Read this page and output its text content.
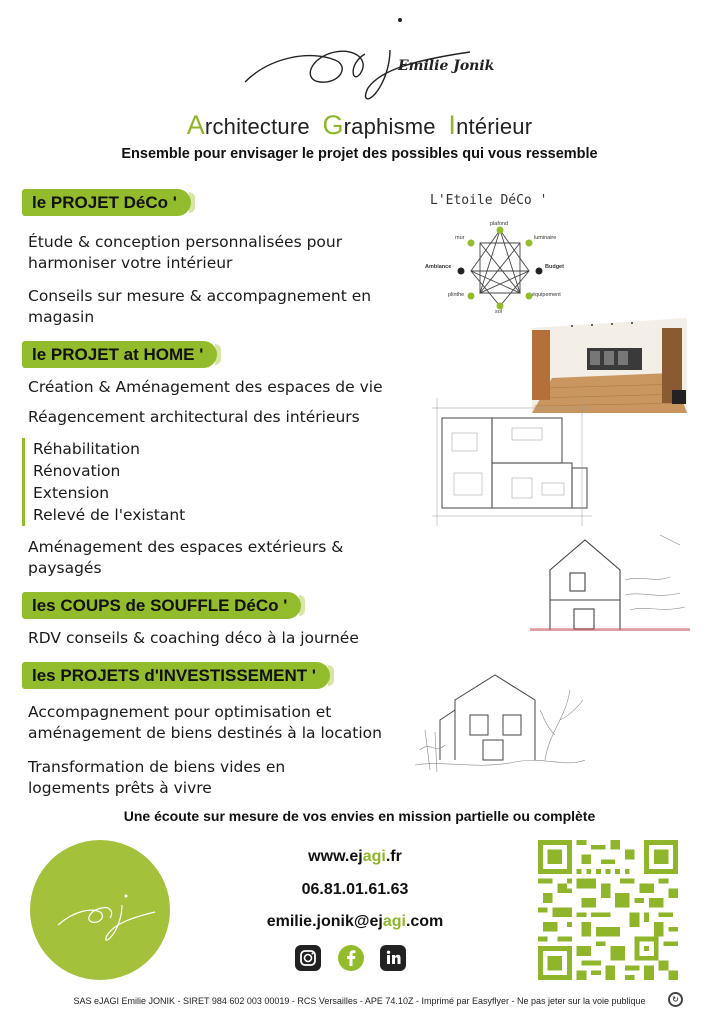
Emilie Jonik
Architecture Graphisme Intérieur
Ensemble pour envisager le projet des possibles qui vous ressemble
le PROJET DéCo '
Étude & conception personnalisées pour
harmoniser votre intérieur
Conseils sur mesure & accompagnement en
magasin
L'Etoile DéCo '
plafond
luminaire
Budget
équipement
sol
plinthe
Ambiance
mur
le PROJET at HOME '
Création & Aménagement des espaces de vie
Réagencement architectural des intérieurs
Réhabilitation
Rénovation
Extension
Relevé de l'existant
Aménagement des espaces extérieurs &
paysagés
les COUPS de SOUFFLE DéCo '
RDV conseils & coaching déco à la journée
les PROJETS d'INVESTISSEMENT '
Accompagnement pour optimisation et
aménagement de biens destinés à la location
Transformation de biens vides en
logements prêts à vivre
Une écoute sur mesure de vos envies en mission partielle ou complète
www.ejagi.fr
06.81.01.61.63
emilie.jonik@ejagi.com
SAS eJAGI Emilie JONIK - SIRET 984 602 003 00019 - RCS Versailles - APE 74.10Z - Imprimé par Easyflyer - Ne pas jeter sur la voie publique	↻
